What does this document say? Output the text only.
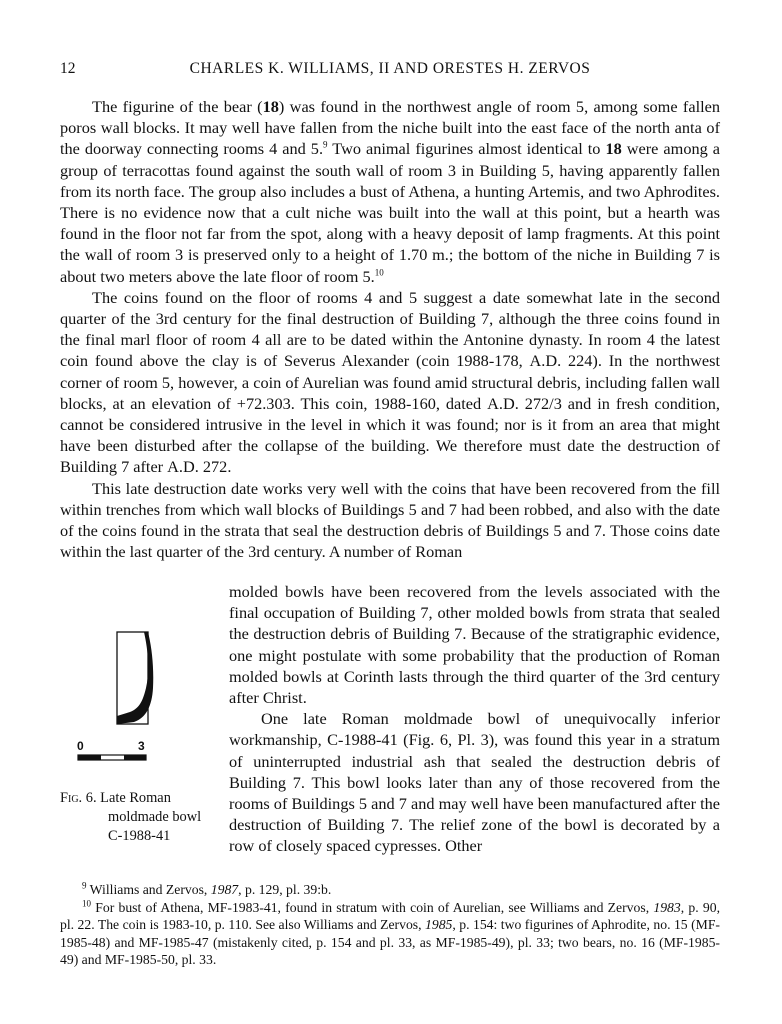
12	CHARLES K. WILLIAMS, II AND ORESTES H. ZERVOS

The figurine of the bear (18) was found in the northwest angle of room 5, among some fallen poros wall blocks. It may well have fallen from the niche built into the east face of the north anta of the doorway connecting rooms 4 and 5.$^9$ Two animal figurines almost identical to 18 were among a group of terracottas found against the south wall of room 3 in Building 5, having apparently fallen from its north face. The group also includes a bust of Athena, a hunting Artemis, and two Aphrodites. There is no evidence now that a cult niche was built into the wall at this point, but a hearth was found in the floor not far from the spot, along with a heavy deposit of lamp fragments. At this point the wall of room 3 is preserved only to a height of 1.70 m.; the bottom of the niche in Building 7 is about two meters above the late floor of room 5.10

The coins found on the floor of rooms 4 and 5 suggest a date somewhat late in the second quarter of the 3rd century for the final destruction of Building 7, although the three coins found in the final marl floor of room 4 all are to be dated within the Antonine dynasty. In room 4 the latest coin found above the clay is of Severus Alexander (coin 1988-178, A.D. 224). In the northwest corner of room 5, however, a coin of Aurelian was found amid structural debris, including fallen wall blocks, at an elevation of +72.303. This coin, 1988-160, dated A.D. 272/3 and in fresh condition, cannot be considered intrusive in the level in which it was found; nor is it from an area that might have been disturbed after the collapse of the building. We therefore must date the destruction of Building 7 after A.D. 272.

This late destruction date works very well with the coins that have been recovered from the fill within trenches from which wall blocks of Buildings 5 and 7 had been robbed, and also with the date of the coins found in the strata that seal the destruction debris of Buildings 5 and 7. Those coins date within the last quarter of the 3rd century. A number of Roman

molded bowls have been recovered from the levels associated with the final occupation of Building 7, other molded bowls from strata that sealed the destruction debris of Building 7. Because of the stratigraphic evidence, one might postulate with some probability that the production of Roman molded bowls at Corinth lasts through the third quarter of the 3rd century after Christ.

One late Roman moldmade bowl of unequivocally inferior workmanship, C-1988-41 (Fig. 6, Pl. 3), was found this year in a stratum of uninterrupted industrial ash that sealed the destruction debris of Building 7. This bowl looks later than any of those recovered from the rooms of Buildings 5 and 7 and may well have been manufactured after the destruction of Building 7. The relief zone of the bowl is decorated by a row of closely spaced cypresses. Other

0	3
Fig. 6. Late Roman
moldmade bowl
C-1988-41

$^9$ Williams and Zervos, 1987, p. 129, pl. 39:b.

$^{10}$ For bust of Athena, MF-1983-41, found in stratum with coin of Aurelian, see Williams and Zervos, 1983, p. 90, pl. 22. The coin is 1983-10, p. 110. See also Williams and Zervos, 1985, p. 154: two figurines of Aphrodite, no. 15 (MF-1985-48) and MF-1985-47 (mistakenly cited, p. 154 and pl. 33, as MF-1985-49), pl. 33; two bears, no. 16 (MF-1985-49) and MF-1985-50, pl. 33.
